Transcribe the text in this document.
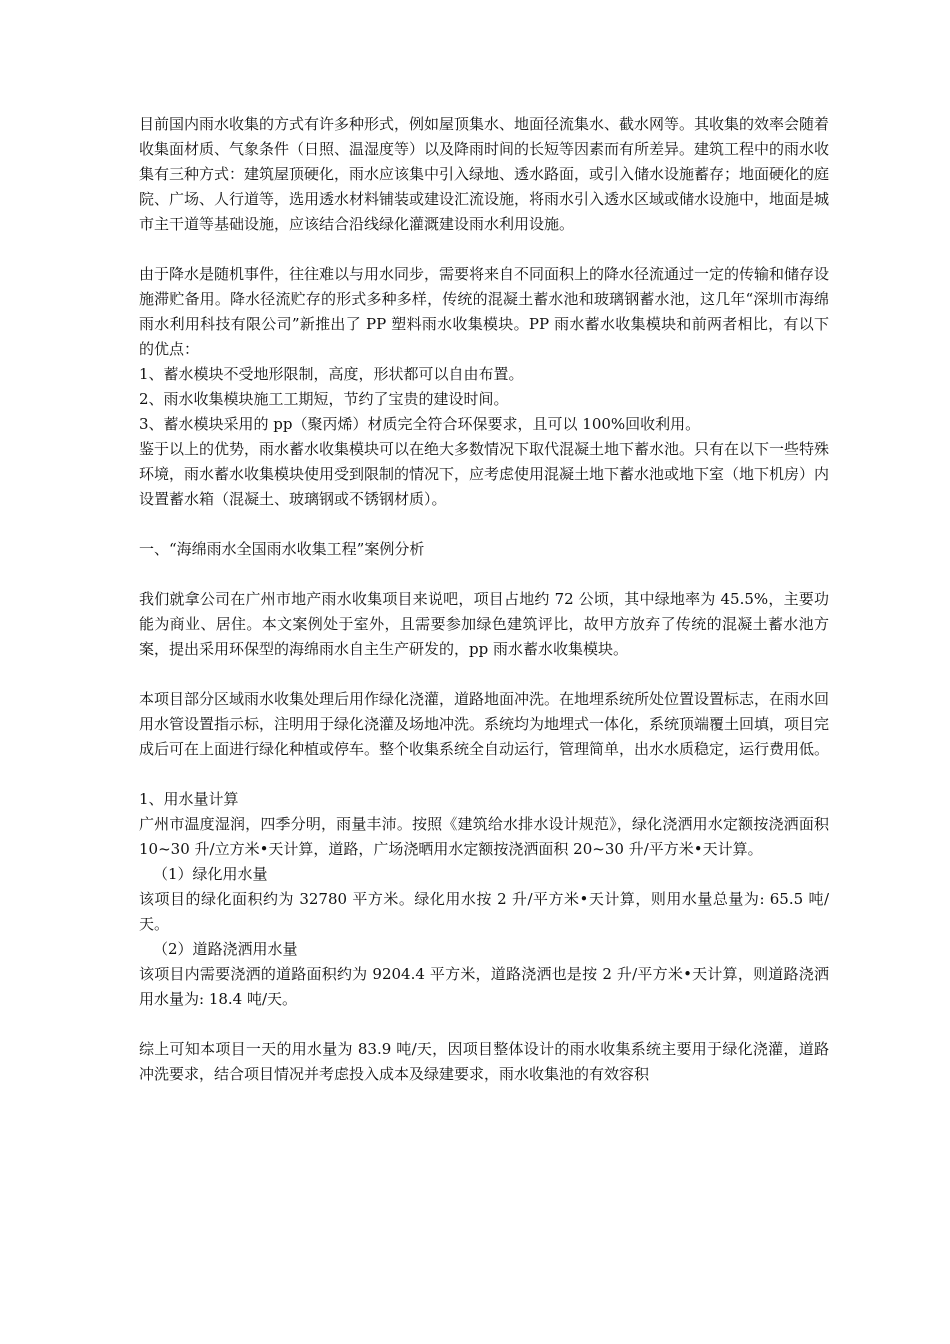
目前国内雨水收集的方式有许多种形式，例如屋顶集水、地面径流集水、截水网等。其收集的效率会随着收集面材质、气象条件（日照、温湿度等）以及降雨时间的长短等因素而有所差异。建筑工程中的雨水收集有三种方式：建筑屋顶硬化，雨水应该集中引入绿地、透水路面，或引入储水设施蓄存；地面硬化的庭院、广场、人行道等，选用透水材料铺装或建设汇流设施，将雨水引入透水区域或储水设施中，地面是城市主干道等基础设施，应该结合沿线绿化灌溉建设雨水利用设施。

由于降水是随机事件，往往难以与用水同步，需要将来自不同面积上的降水径流通过一定的传输和储存设施滞贮备用。降水径流贮存的形式多种多样，传统的混凝土蓄水池和玻璃钢蓄水池，这几年“深圳市海绵雨水利用科技有限公司”新推出了 PP 塑料雨水收集模块。PP 雨水蓄水收集模块和前两者相比，有以下的优点：

1、蓄水模块不受地形限制，高度，形状都可以自由布置。

2、雨水收集模块施工工期短，节约了宝贵的建设时间。

3、蓄水模块采用的 pp（聚丙烯）材质完全符合环保要求，且可以 100%回收利用。

鉴于以上的优势，雨水蓄水收集模块可以在绝大多数情况下取代混凝土地下蓄水池。只有在以下一些特殊环境，雨水蓄水收集模块使用受到限制的情况下，应考虑使用混凝土地下蓄水池或地下室（地下机房）内设置蓄水箱（混凝土、玻璃钢或不锈钢材质）。

一、“海绵雨水全国雨水收集工程”案例分析

我们就拿公司在广州市地产雨水收集项目来说吧，项目占地约 72 公顷，其中绿地率为 45.5%，主要功能为商业、居住。本文案例处于室外，且需要参加绿色建筑评比，故甲方放弃了传统的混凝土蓄水池方案，提出采用环保型的海绵雨水自主生产研发的，pp 雨水蓄水收集模块。

本项目部分区域雨水收集处理后用作绿化浇灌，道路地面冲洗。在地埋系统所处位置设置标志，在雨水回用水管设置指示标，注明用于绿化浇灌及场地冲洗。系统均为地埋式一体化，系统顶端覆土回填，项目完成后可在上面进行绿化种植或停车。整个收集系统全自动运行，管理简单，出水水质稳定，运行费用低。

1、用水量计算

广州市温度湿润，四季分明，雨量丰沛。按照《建筑给水排水设计规范》，绿化浇洒用水定额按浇洒面积 10~30 升/立方米•天计算，道路，广场浇晒用水定额按浇洒面积 20~30 升/平方米•天计算。

（1）绿化用水量

该项目的绿化面积约为 32780 平方米。绿化用水按 2 升/平方米•天计算，则用水量总量为: 65.5 吨/天。

（2）道路浇洒用水量

该项目内需要浇洒的道路面积约为 9204.4 平方米，道路浇洒也是按 2 升/平方米•天计算，则道路浇洒用水量为: 18.4 吨/天。

综上可知本项目一天的用水量为 83.9 吨/天，因项目整体设计的雨水收集系统主要用于绿化浇灌，道路冲洗要求，结合项目情况并考虑投入成本及绿建要求，雨水收集池的有效容积
